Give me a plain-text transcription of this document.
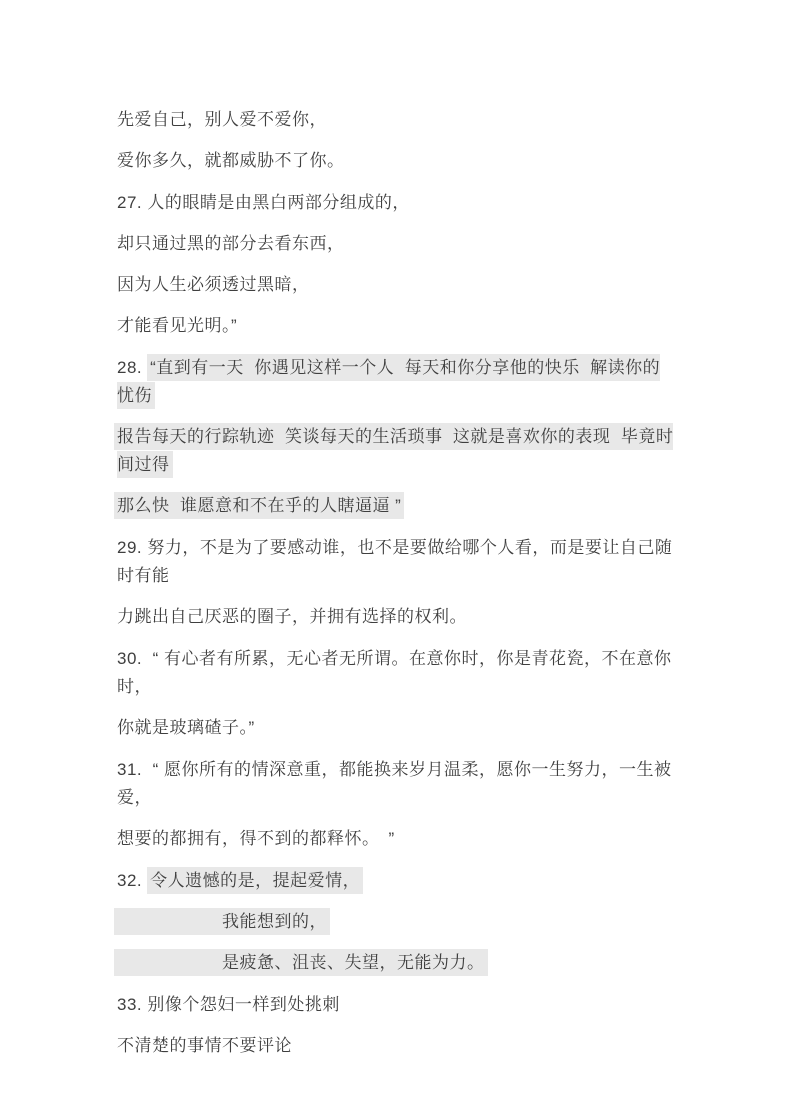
先爱自己，别人爱不爱你，

爱你多久，就都威胁不了你。

27. 人的眼睛是由黑白两部分组成的，

却只通过黑的部分去看东西，

因为人生必须透过黑暗，

才能看见光明。”

28. “直到有一天  你遇见这样一个人  每天和你分享他的快乐  解读你的忧伤

报告每天的行踪轨迹  笑谈每天的生活琐事  这就是喜欢你的表现  毕竟时间过得

那么快  谁愿意和不在乎的人瞎逼逼 ”

29. 努力，不是为了要感动谁，也不是要做给哪个人看，而是要让自己随时有能

力跳出自己厌恶的圈子，并拥有选择的权利。

30.  “ 有心者有所累，无心者无所谓。在意你时，你是青花瓷，不在意你时，

你就是玻璃碴子。”

31.  “ 愿你所有的情深意重，都能换来岁月温柔，愿你一生努力，一生被爱，

想要的都拥有，得不到的都释怀。　”

32. 令人遗憾的是，提起爱情，

　　　　　　我能想到的，

　　　　　　是疲惫、沮丧、失望，无能为力。

33. 别像个怨妇一样到处挑刺

不清楚的事情不要评论
